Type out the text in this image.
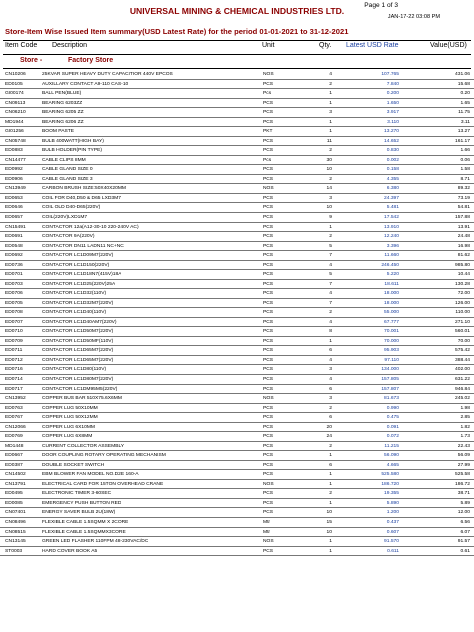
UNIVERSAL MINING & CHEMICAL INDUSTRIES LTD.
Page 1 of 3
JAN-17-22 03:08 PM
Store-Item Wise Issued Item summary(USD Latest Rate) for the period 01-01-2021 to 31-12-2021
Item Code Description	Unit	Qty. Latest USD Rate	Value(USD)
Store -	Factory Store
CN10206	25KVAR SUPER HEAVY DUTY CAPACITIOR 440V EPCOS	NOS	4	107.765	431.06
ED0105	AUXILLARY CONTACT A9-110 CAS-10	PCS	2	7.840	15.68
GI00174	BALL PEN(BLUE)	Pcs	1	0.200	0.20
CN09113	BEARING 6203ZZ	PCS	1	1.650	1.65
CN06210	BEARING 6205 ZZ	PCS	3	3.917	11.75
MD1944	BEARING 6206 ZZ	PCS	1	3.110	3.11
GI01256	BOOM PASTE	PKT	1	13.270	13.27
CN05748	BULB 400WATT(HIGH BAY)	PCS	11	14.652	161.17
ED0883	BULB HOLDER(PIN TYPE)	PCS	2	0.830	1.66
CN14477	CABLE CLIPS 8MM	Pcs	30	0.002	0.06
ED0992	CABLE GLAND SIZE 0	PCS	10	0.158	1.58
ED0906	CABLE GLAND SIZE 3	PCS	2	4.355	8.71
CN13949	CARBON BRUSH SIZE:50X40X20MM	NOS	14	6.380	89.32
ED0653	COIL FOR D40,D50 & D65 LXD3M7	PCS	3	24.397	73.19
ED0646	COIL OLD D40-D65(220V)	PCS	10	5.481	54.81
ED0657	COIL(220V)LXD1M7	PCS	9	17.542	157.88
CN15491	CONTACTOR 12a(A12-30-10 220-240V AC)	PCS	1	13.910	13.91
ED0691	CONTACTOR 9A(220V)	PCS	2	12.240	24.48
ED0548	CONTACTOR DN11 LADN11 NC+NC	PCS	5	3.396	16.98
ED0692	CONTACTOR LC1D09M7(220V)	PCS	7	11.660	81.62
ED0736	CONTACTOR LC1D150(220V)	PCS	4	246.450	985.80
ED0701	CONTACTOR LC1D18N7(415V)18A	PCS	5	5.220	10.44
ED0703	CONTACTOR LC1D25(220V)25A	PCS	7	18.611	130.28
ED0706	CONTACTOR LC1D32(110V)	PCS	4	18.000	72.00
ED0705	CONTACTOR LC1D32M7(220V)	PCS	7	18.000	126.00
ED0708	CONTACTOR LC1D40(110V)	PCS	2	55.000	110.00
ED0707	CONTACTOR LC1D40AM7(220V)	PCS	4	67.777	271.10
ED0710	CONTACTOR LC1D50M7(220V)	PCS	8	70.001	560.01
ED0709	CONTACTOR LC1D50MF(110V)	PCS	1	70.000	70.00
ED0711	CONTACTOR LC1D65M7(220V)	PCS	6	95.903	575.42
ED0712	CONTACTOR LC1D65M7(220V)	PCS	4	97.110	388.44
ED0716	CONTACTOR LC1D80(110V)	PCS	3	134.000	402.00
ED0714	CONTACTOR LC1D80M7(220V)	PCS	4	157.805	631.22
ED0717	CONTACTOR LC1DM95M5(220V)	PCS	6	157.807	946.84
CN13952	COPPER BUS BAR 510X75.6X6MM	NOS	3	81.673	245.02
ED0763	COPPER LUG 50X10MM	PCS	2	0.990	1.98
ED0767	COPPER LUG 50X12MM	PCS	6	0.475	2.85
CN12066	COPPER LUG 6X10MM	PCS	20	0.091	1.82
ED0769	COPPER LUG 6X8MM	PCS	24	0.072	1.73
MD1448	CURRENT COLLECTOR ASSEMBLY	PCS	2	11.215	22.43
ED0667	DOOR COUPLING ROTARY OPERATING MECHANISM	PCS	1	56.090	56.09
ED0387	DOUBLE SOCKET SWITCH	PCS	6	4.665	27.99
CN14502	EBM BLOWER FAN MODEL NO.D2E 160-A	PCS	1	525.580	525.58
CN13791	ELECTRICAL CARD FOR 15TON OVERHEAD CRANE	NOS	1	186.720	186.72
ED0495	ELECTRONIC TIMER 3-60SEC	PCS	2	19.355	38.71
ED0085	EMERGENCY PUSH BUTTON RED	PCS	1	5.890	5.89
CN07401	ENERGY SAVER BULB 2U(18W)	PCS	10	1.200	12.00
CN08496	FLEXIBLE CABLE 1.5SQMM X 2CORE	Mtr	15	0.437	6.56
CN08515	FLEXIBLE CABLE 1.5SQMMX3CORE	Mtr	10	0.607	6.07
CN13145	GREEN LED FLASHER 110FPM 48-230VAC/DC	NOS	1	91.570	91.57
ST0003	HARD COVER BOOK A5	PCS	1	0.611	0.61
